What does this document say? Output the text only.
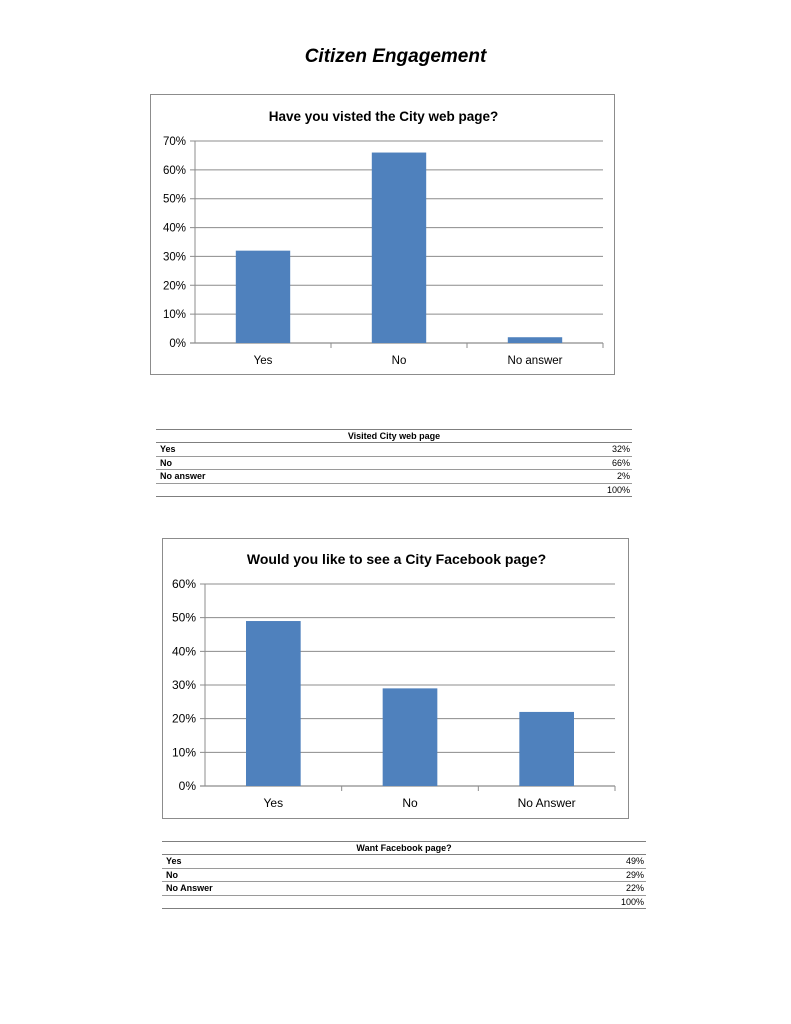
Citizen Engagement
Have you visted the City web page?
0%
10%
20%
30%
40%
50%
60%
70%
Yes	No	No answer
Visited City web page
Yes	32%
No	66%
No answer	2%
100%
Would you like to see a City Facebook page?
0%
10%
20%
30%
40%
50%
60%
Yes	No	No Answer
Want Facebook page?
Yes	49%
No	29%
No Answer	22%
100%
